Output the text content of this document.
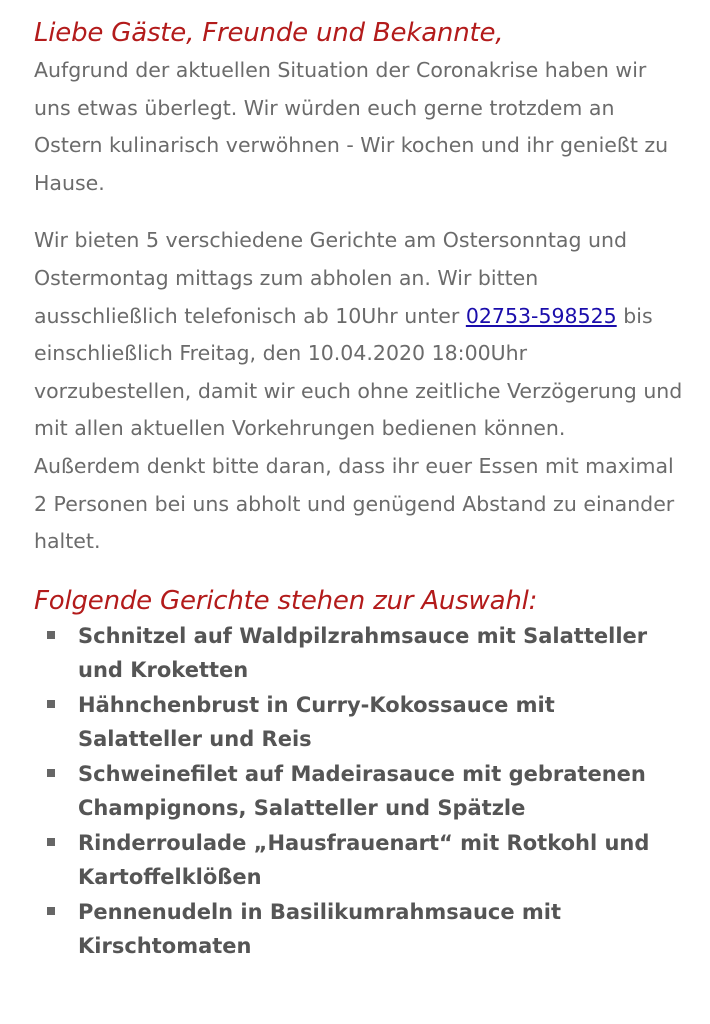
Liebe Gäste, Freunde und Bekannte,

Aufgrund der aktuellen Situation der Coronakrise haben wir uns etwas überlegt. Wir würden euch gerne trotzdem an Ostern kulinarisch verwöhnen - Wir kochen und ihr genießt zu Hause.

Wir bieten 5 verschiedene Gerichte am Ostersonntag und Ostermontag mittags zum abholen an. Wir bitten ausschließlich telefonisch ab 10Uhr unter 02753-598525 bis einschließlich Freitag, den 10.04.2020 18:00Uhr vorzubestellen, damit wir euch ohne zeitliche Verzögerung und mit allen aktuellen Vorkehrungen bedienen können.

Außerdem denkt bitte daran, dass ihr euer Essen mit maximal 2 Personen bei uns abholt und genügend Abstand zu einander haltet.

Folgende Gerichte stehen zur Auswahl:
Schnitzel auf Waldpilzrahmsauce mit Salatteller und Kroketten
Hähnchenbrust in Curry-Kokossauce mit Salatteller und Reis
Schweinefilet auf Madeirasauce mit gebratenen Champignons, Salatteller und Spätzle
Rinderroulade „Hausfrauenart“ mit Rotkohl und Kartoffelklößen
Pennenudeln in Basilikumrahmsauce mit Kirschtomaten
